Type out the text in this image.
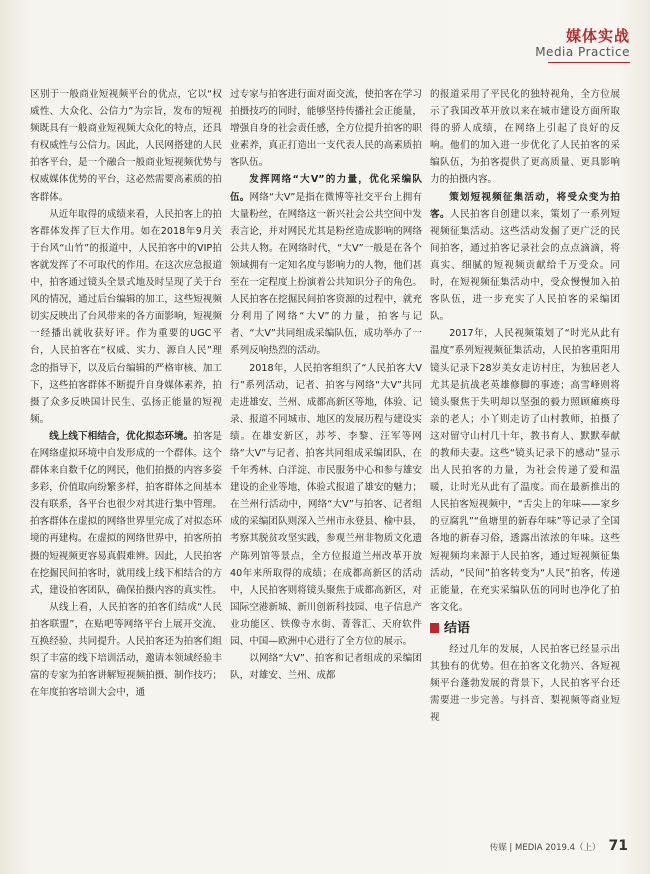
媒体实战
Media Practice

区别于一般商业短视频平台的优点，它以“权威性、大众化、公信力”为宗旨，发布的短视频既具有一般商业短视频大众化的特点，还具有权威性与公信力。因此，人民网搭建的人民拍客平台，是一个融合一般商业短视频优势与权威媒体优势的平台，这必然需要高素质的拍客群体。

从近年取得的成绩来看，人民拍客上的拍客群体发挥了巨大作用。如在2018年9月关于台风“山竹”的报道中，人民拍客中的VIP拍客就发挥了不可取代的作用。在这次应急报道中，拍客通过镜头全景式地及时呈现了关于台风的情况，通过后台编辑的加工，这些短视频切实反映出了台风带来的各方面影响，短视频一经播出就收获好评。作为重要的UGC平台，人民拍客在“权威、实力、源自人民”理念的指导下，以及后台编辑的严格审核、加工下，这些拍客群体不断提升自身媒体素养，拍摄了众多反映国计民生、弘扬正能量的短视频。

线上线下相结合，优化拟态环境。拍客是在网络虚拟环境中自发形成的一个群体。这个群体来自数千亿的网民，他们拍摄的内容多姿多彩，价值取向纷繁多样，拍客群体之间基本没有联系，各平台也很少对其进行集中管理。拍客群体在虚拟的网络世界里完成了对拟态环境的再建构。在虚拟的网络世界中，拍客所拍摄的短视频更容易真假难辨。因此，人民拍客在挖掘民间拍客时，就用线上线下相结合的方式，建设拍客团队，确保拍摄内容的真实性。

从线上看，人民拍客的拍客们结成“人民拍客联盟”，在贴吧等网络平台上展开交流、互换经验、共同提升。人民拍客还为拍客们组织了丰富的线下培训活动，邀请本领域经验丰富的专家为拍客讲解短视频拍摄、制作技巧；在年度拍客培训大会中，通

过专家与拍客进行面对面交流，使拍客在学习拍摄技巧的同时，能够坚持传播社会正能量，增强自身的社会责任感，全方位提升拍客的职业素养，真正打造出一支代表人民的高素质拍客队伍。

发挥网络“大V”的力量，优化采编队伍。网络“大V”是指在微博等社交平台上拥有大量粉丝，在网络这一新兴社会公共空间中发表言论，并对网民尤其是粉丝造成影响的网络公共人物。在网络时代，“大V”一般是在各个领域拥有一定知名度与影响力的人物，他们甚至在一定程度上扮演着公共知识分子的角色。人民拍客在挖掘民间拍客资源的过程中，就充分利用了网络“大V”的力量，拍客与记者、“大V”共同组成采编队伍，成功举办了一系列反响热烈的活动。

2018年，人民拍客组织了“人民拍客大V行”系列活动，记者、拍客与网络“大V”共同走进雄安、兰州、成都高新区等地，体验、记录、报道不同城市、地区的发展历程与建设实绩。在雄安新区，苏芩、李黎、汪军等网络“大V”与记者、拍客共同组成采编团队，在千年秀林、白洋淀、市民服务中心和参与雄安建设的企业等地，体验式报道了雄安的魅力；在兰州行活动中，网络“大V”与拍客、记者组成的采编团队则深入兰州市永登县、榆中县，考察其脱贫攻坚实践，参观兰州非物质文化遗产陈列馆等景点，全方位报道兰州改革开放40年来所取得的成绩；在成都高新区的活动中，人民拍客则将镜头聚焦于成都高新区，对国际空港新城、新川创新科技园、电子信息产业功能区、铁像寺水街、菁蓉汇、天府软件园、中国—欧洲中心进行了全方位的展示。

以网络“大V”、拍客和记者组成的采编团队，对雄安、兰州、成都

的报道采用了平民化的独特视角，全方位展示了我国改革开放以来在城市建设方面所取得的骄人成绩，在网络上引起了良好的反响。他们的加入进一步优化了人民拍客的采编队伍，为拍客提供了更高质量、更具影响力的拍摄内容。

策划短视频征集活动，将受众变为拍客。人民拍客自创建以来，策划了一系列短视频征集活动。这些活动发掘了更广泛的民间拍客，通过拍客记录社会的点点滴滴，将真实、细腻的短视频贡献给千万受众。同时，在短视频征集活动中，受众慢慢加入拍客队伍，进一步充实了人民拍客的采编团队。

2017年，人民视频策划了“时光从此有温度”系列短视频征集活动，人民拍客重阳用镜头记录下28岁美女走访村庄，为独居老人尤其是抗战老英雄修脚的事迹；高雪峰则将镜头聚焦于失明却以坚强的毅力照顾瘫痪母亲的老人；小丫则走访了山村教师，拍摄了这对留守山村几十年，教书育人、默默奉献的教师夫妻。这些“镜头记录下的感动”显示出人民拍客的力量，为社会传递了爱和温暖，让时光从此有了温度。而在最新推出的人民拍客短视频中，“舌尖上的年味——家乡的豆腐乳”“鱼塘里的新春年味”等记录了全国各地的新春习俗，透露出浓浓的年味。这些短视频均来源于人民拍客，通过短视频征集活动，“民间”拍客转变为“人民”拍客，传递正能量，在充实采编队伍的同时也净化了拍客文化。

结语

经过几年的发展，人民拍客已经显示出其独有的优势。但在拍客文化勃兴、各短视频平台蓬勃发展的背景下，人民拍客平台还需要进一步完善。与抖音、梨视频等商业短视

传媒 | MEDIA 2019.4（上） 71
